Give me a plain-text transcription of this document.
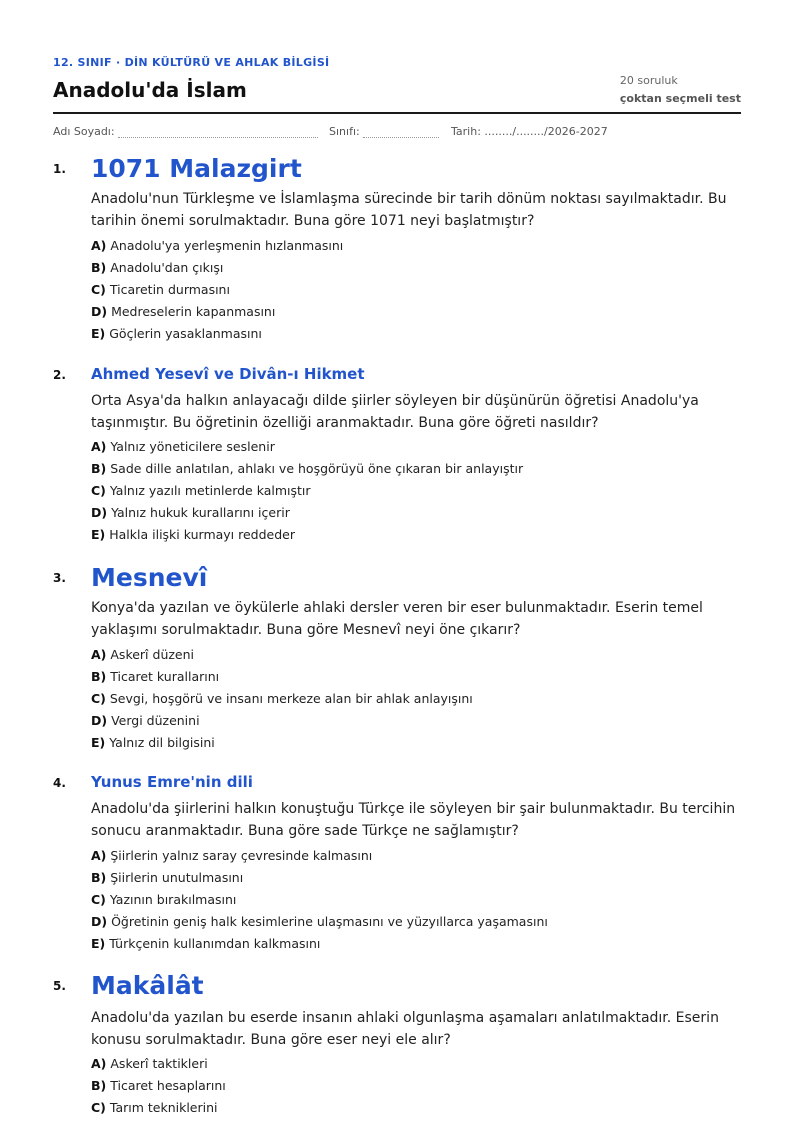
12. SINIF · DİN KÜLTÜRÜ VE AHLAK BİLGİSİ
Anadolu'da İslam	20 soruluk
çoktan seçmeli test
Adı Soyadı:	Sınıfı:	Tarih: ......../......../2026-2027
1. 1071 Malazgirt
Anadolu'nun Türkleşme ve İslamlaşma sürecinde bir tarih dönüm noktası sayılmaktadır. Bu tarihin önemi sorulmaktadır. Buna göre 1071 neyi başlatmıştır?
A) Anadolu'ya yerleşmenin hızlanmasını
B) Anadolu'dan çıkışı
C) Ticaretin durmasını
D) Medreselerin kapanmasını
E) Göçlerin yasaklanmasını
2. Ahmed Yesevî ve Divân-ı Hikmet
Orta Asya'da halkın anlayacağı dilde şiirler söyleyen bir düşünürün öğretisi Anadolu'ya taşınmıştır. Bu öğretinin özelliği aranmaktadır. Buna göre öğreti nasıldır?
A) Yalnız yöneticilere seslenir
B) Sade dille anlatılan, ahlakı ve hoşgörüyü öne çıkaran bir anlayıştır
C) Yalnız yazılı metinlerde kalmıştır
D) Yalnız hukuk kurallarını içerir
E) Halkla ilişki kurmayı reddeder
3. Mesnevî
Konya'da yazılan ve öykülerle ahlaki dersler veren bir eser bulunmaktadır. Eserin temel yaklaşımı sorulmaktadır. Buna göre Mesnevî neyi öne çıkarır?
A) Askerî düzeni
B) Ticaret kurallarını
C) Sevgi, hoşgörü ve insanı merkeze alan bir ahlak anlayışını
D) Vergi düzenini
E) Yalnız dil bilgisini
4. Yunus Emre'nin dili
Anadolu'da şiirlerini halkın konuştuğu Türkçe ile söyleyen bir şair bulunmaktadır. Bu tercihin sonucu aranmaktadır. Buna göre sade Türkçe ne sağlamıştır?
A) Şiirlerin yalnız saray çevresinde kalmasını
B) Şiirlerin unutulmasını
C) Yazının bırakılmasını
D) Öğretinin geniş halk kesimlerine ulaşmasını ve yüzyıllarca yaşamasını
E) Türkçenin kullanımdan kalkmasını
5. Makâlât
Anadolu'da yazılan bu eserde insanın ahlaki olgunlaşma aşamaları anlatılmaktadır. Eserin konusu sorulmaktadır. Buna göre eser neyi ele alır?
A) Askerî taktikleri
B) Ticaret hesaplarını
C) Tarım tekniklerini
